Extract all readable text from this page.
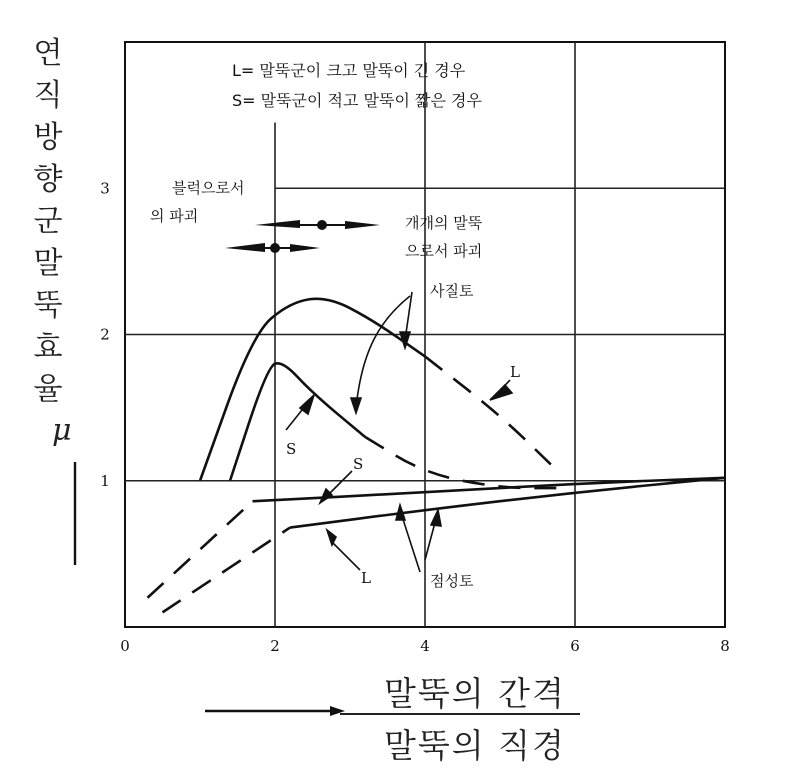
연
직
방
향
군
말
뚝
효
율
말뚝의 간격
말뚝의 직경
0	2	4	6	8
1
2
3
L= 말뚝군이 크고 말뚝이 긴 경우
S= 말뚝군이 적고 말뚝이 짧은 경우
블럭으로서
의 파괴	개개의 말뚝
으로서 파괴
사질토
점성토
L
S
S
L
μ
